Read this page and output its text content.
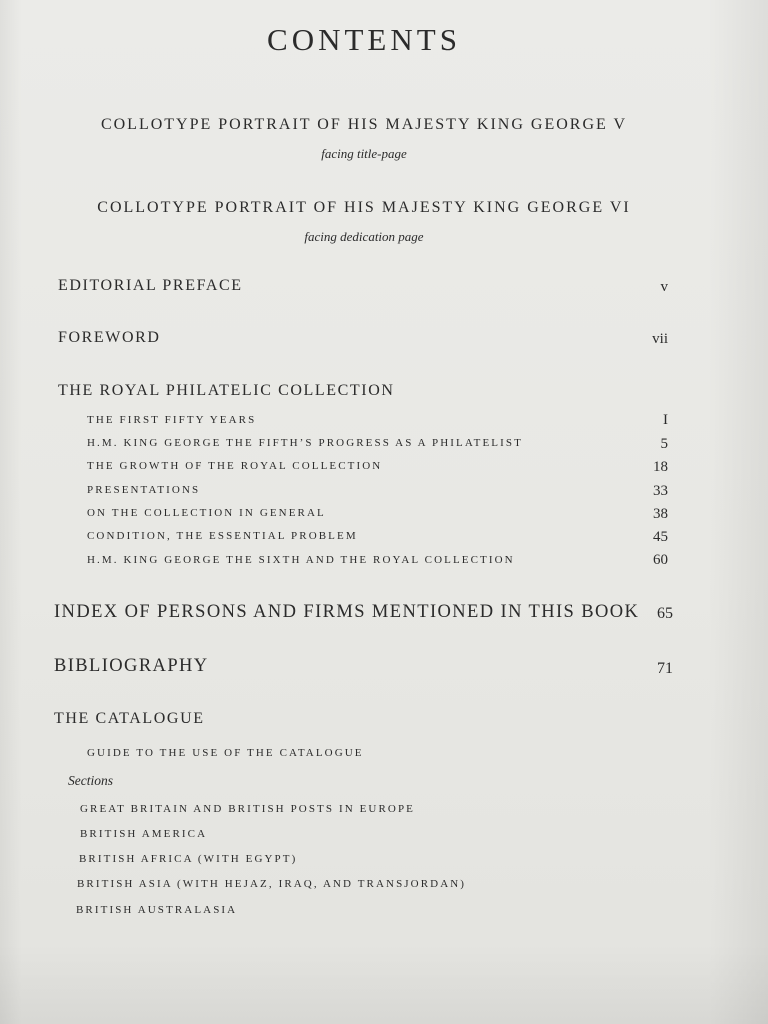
CONTENTS
COLLOTYPE PORTRAIT OF HIS MAJESTY KING GEORGE V
facing title-page
COLLOTYPE PORTRAIT OF HIS MAJESTY KING GEORGE VI
facing dedication page
EDITORIAL PREFACE	v
FOREWORD	vii
THE ROYAL PHILATELIC COLLECTION
THE FIRST FIFTY YEARS	I
H.M. KING GEORGE THE FIFTH’S PROGRESS AS A PHILATELIST	5
THE GROWTH OF THE ROYAL COLLECTION	18
PRESENTATIONS	33
ON THE COLLECTION IN GENERAL	38
CONDITION, THE ESSENTIAL PROBLEM	45
H.M. KING GEORGE THE SIXTH AND THE ROYAL COLLECTION	60
INDEX OF PERSONS AND FIRMS MENTIONED IN THIS BOOK 65
BIBLIOGRAPHY	71
THE CATALOGUE
GUIDE TO THE USE OF THE CATALOGUE
Sections
GREAT BRITAIN AND BRITISH POSTS IN EUROPE
BRITISH AMERICA
BRITISH AFRICA (WITH EGYPT)
BRITISH ASIA (WITH HEJAZ, IRAQ, AND TRANSJORDAN)
BRITISH AUSTRALASIA
